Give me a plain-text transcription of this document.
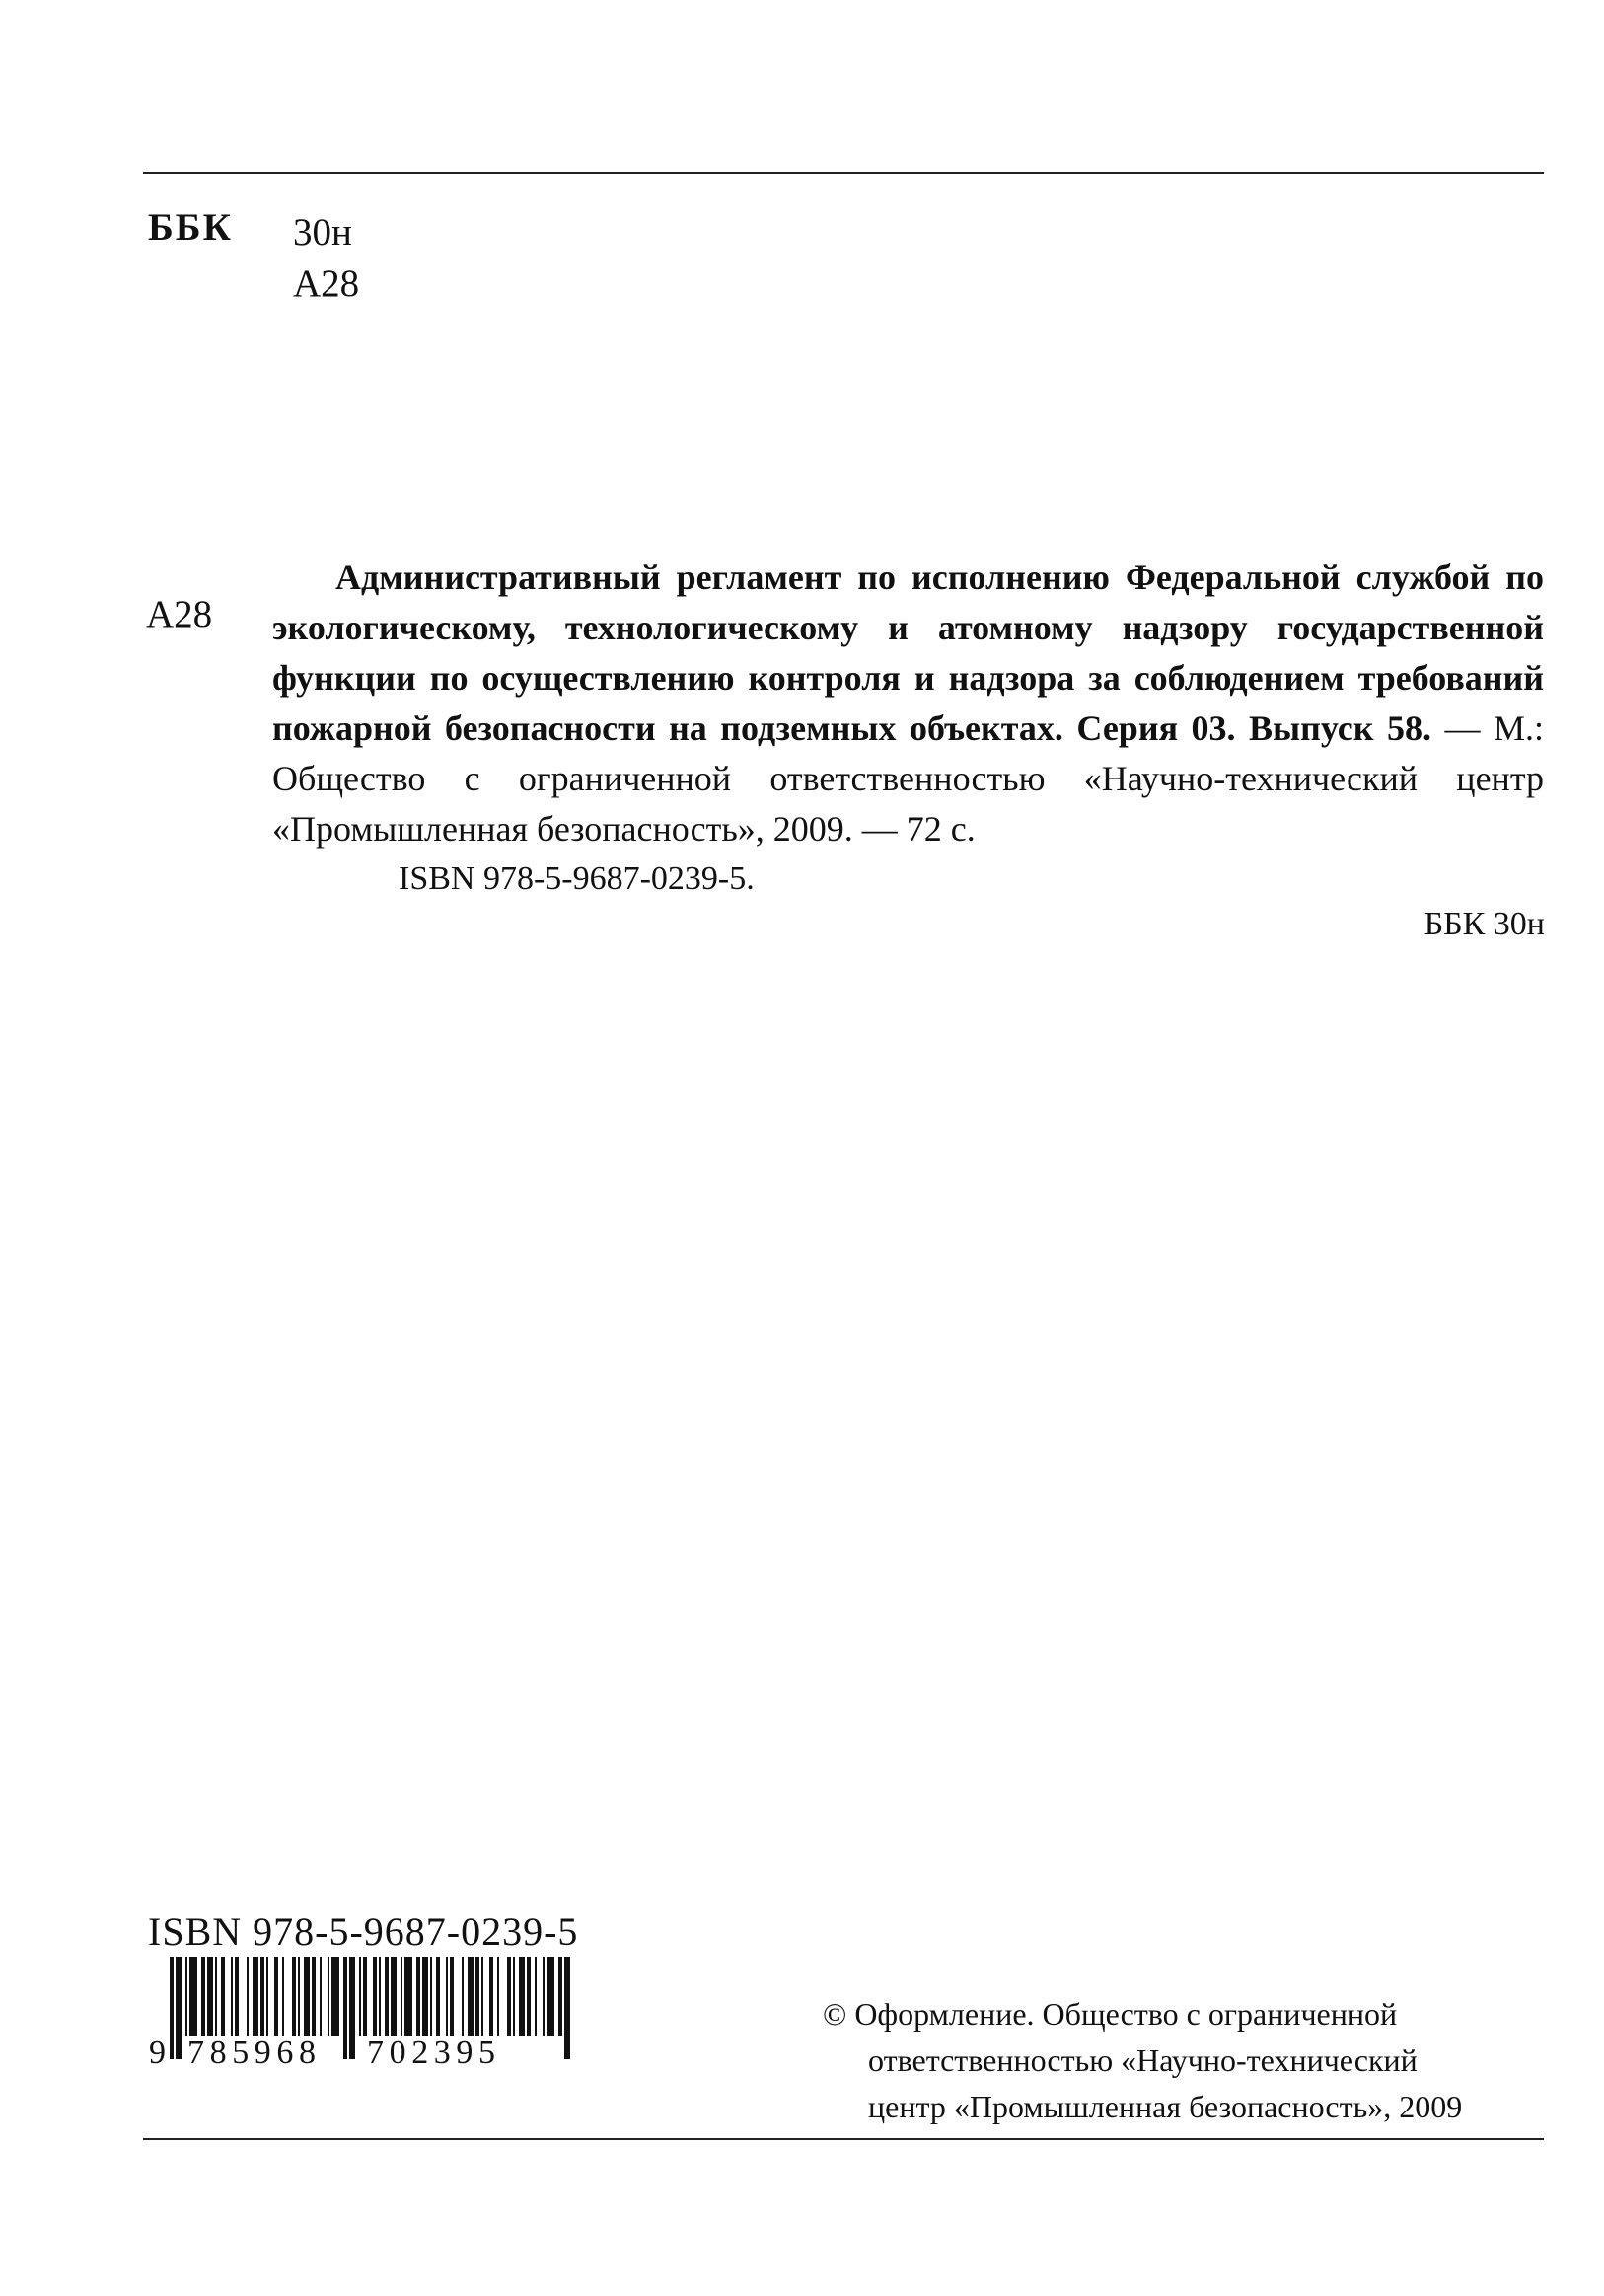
ББК 30н
А28
А28

Административный регламент по исполнению Федеральной службой по экологическому, технологическому и атомному надзору государственной функции по осуществлению контроля и надзора за соблюдением требований пожарной безопасности на подземных объектах. Серия 03. Выпуск 58. — М.: Общество с ограниченной ответственностью «Научно-технический центр «Промышленная безопасность», 2009. — 72 с.

ISBN 978-5-9687-0239-5.

ББК 30н
ISBN 978-5-9687-0239-5
9 785968 702395
© Оформление. Общество с ограниченной
ответственностью «Научно-технический
центр «Промышленная безопасность», 2009
